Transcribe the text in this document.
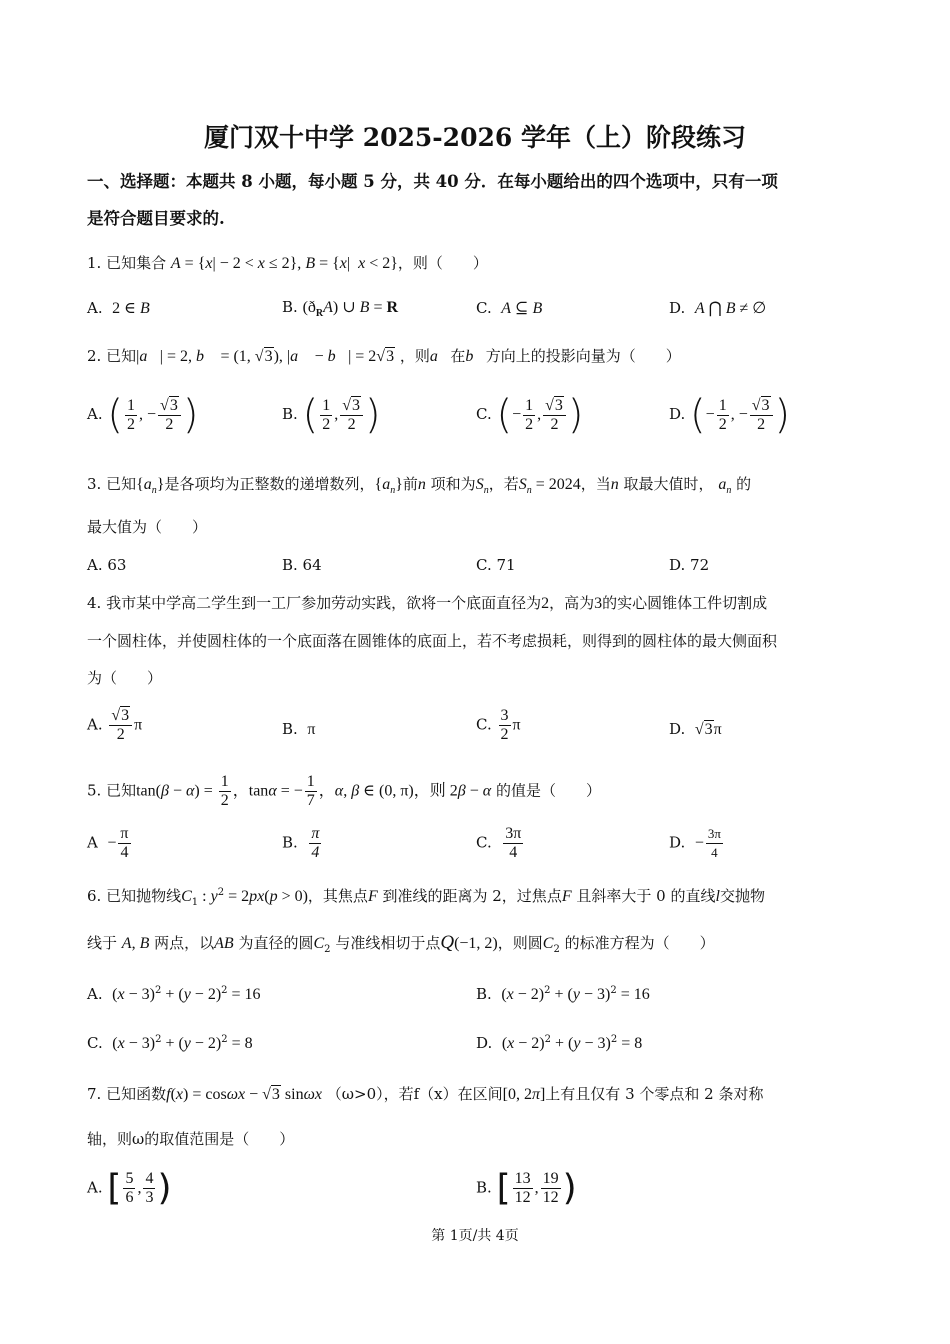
厦门双十中学 2025-2026 学年（上）阶段练习
一、选择题：本题共 8 小题，每小题 5 分，共 40 分．在每小题给出的四个选项中，只有一项
是符合题目要求的.
1. 已知集合 A = {x| − 2 < x ≤ 2}, B = {x|  x < 2}，则（　　）
A. 2 ∈ B	B. $(ð_RA)$ ∪ B = R	C. A ⊆ B	D. A ⋂ B ≠ ∅
2. 已知|a⃗| = 2, b⃗ = (1, √3), |a⃗ − b⃗| = 2√3 ，则a⃗在b⃗方向上的投影向量为（　　）
A. ( $\frac{1}{2}$ , − $\frac{√3}{2}$ )	B. ( $\frac{1}{2}$ , $\frac{√3}{2}$ )	C. (− $\frac{1}{2}$ , $\frac{√3}{2}$ )	D. (− $\frac{1}{2}$ , − $\frac{√3}{2}$ )
3. 已知$\{a_n\}$是各项均为正整数的递增数列，$\{a_n\}$前n 项和为$S_n$，若$S_n = 2024$，当n 取最大值时， $a_n$ 的
最大值为（　　）
A. 63	B. 64	C. 71	D. 72
4. 我市某中学高二学生到一工厂参加劳动实践，欲将一个底面直径为2，高为3的实心圆锥体工件切割成
一个圆柱体，并使圆柱体的一个底面落在圆锥体的底面上，若不考虑损耗，则得到的圆柱体的最大侧面积
为（　　）
A. $\frac{√3}{2}$ π	B. π	C. $\frac{3}{2}$ π	D. √3π
5. 已知$\tan(\beta - \alpha) = \frac{1}{2}$ ，tanα = − $\frac{1}{7}$ ，α, β ∈ (0, π)，则 2β − α 的值是（　　）
$A - \frac{\pi}{4}$	B. $\frac{\pi}{4}$	C. $\frac{3\pi}{4}$	D. − $\frac{3\pi}{4}$
6. 已知抛物线$C_1$ : $y^2 = 2px(p > 0)$，其焦点F 到准线的距离为 2，过焦点F 且斜率大于 0 的直线l交抛物
线于 A, B 两点，以AB 为直径的圆$C_2$ 与准线相切于点Q(−1, 2)，则圆$C_2$ 的标准方程为（　　）
A. $(x - 3)^2 + (y - 2)^2 = 16$	B. $(x - 2)^2 + (y - 3)^2 = 16$
C. $(x - 3)^2 + (y - 2)^2 = 8$	D. $(x - 2)^2 + (y - 3)^2 = 8$
7. 已知函数f(x) = cosωx − √3 sinωx （ω>0），若f（x）在区间[0, 2π]上有且仅有 3 个零点和 2 条对称
轴，则ω的取值范围是（　　）
A. [ $\frac{5}{6}$ , $\frac{4}{3}$ )	B. [ $\frac{13}{12}$ , $\frac{19}{12}$ )
第 1页/共 4页
